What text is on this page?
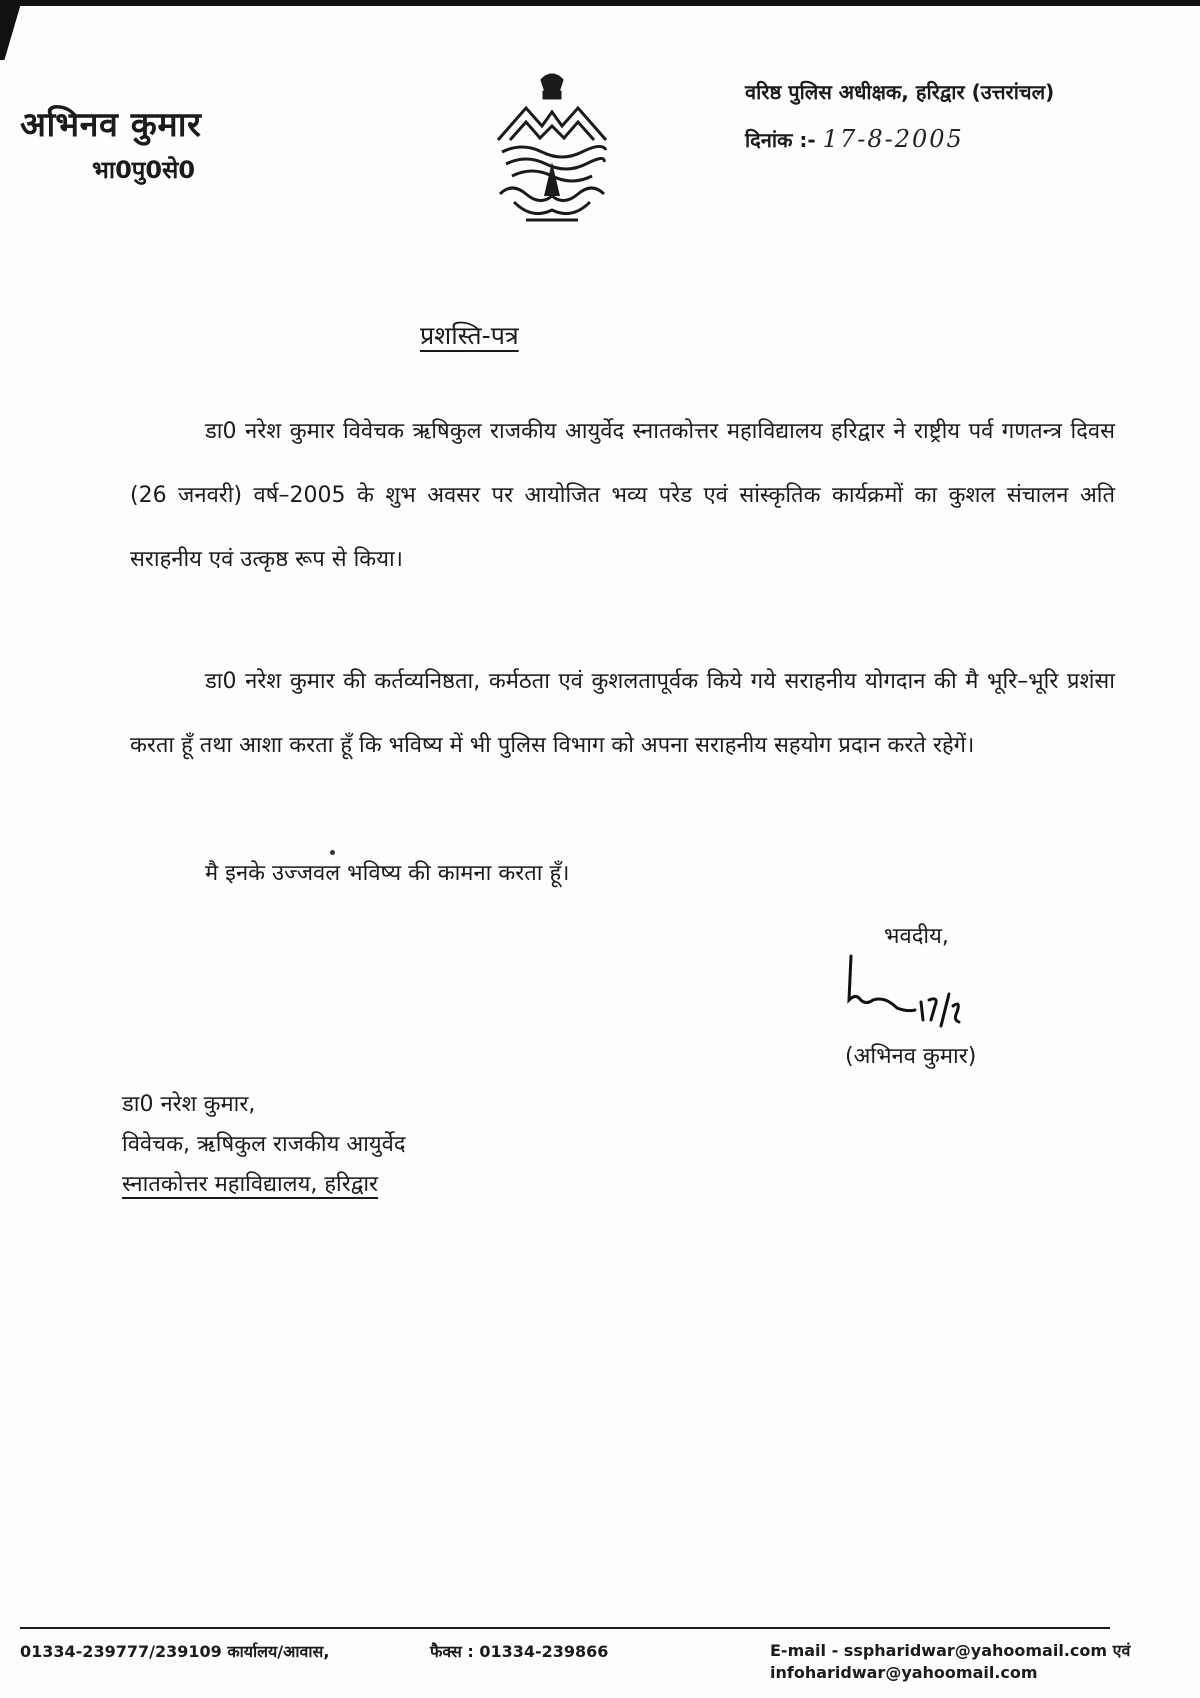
अभिनव कुमार
भा0पु0से0
वरिष्ठ पुलिस अधीक्षक, हरिद्वार (उत्तरांचल)
दिनांक :- 17-8-2005
प्रशस्ति-पत्र
डा0 नरेश कुमार विवेचक ऋषिकुल राजकीय आयुर्वेद स्नातकोत्तर महाविद्यालय हरिद्वार ने राष्ट्रीय पर्व गणतन्त्र दिवस (26 जनवरी) वर्ष–2005 के शुभ अवसर पर आयोजित भव्य परेड एवं सांस्कृतिक कार्यक्रमों का कुशल संचालन अति सराहनीय एवं उत्कृष्ठ रूप से किया।
डा0 नरेश कुमार की कर्तव्यनिष्ठता, कर्मठता एवं कुशलतापूर्वक किये गये सराहनीय योगदान की मै भूरि–भूरि प्रशंसा करता हूँ तथा आशा करता हूँ कि भविष्य में भी पुलिस विभाग को अपना सराहनीय सहयोग प्रदान करते रहेगें।
मै इनके उज्जवल भविष्य की कामना करता हूँ।
भवदीय,
(अभिनव कुमार)
डा0 नरेश कुमार,
विवेचक, ऋषिकुल राजकीय आयुर्वेद
स्नातकोत्तर महाविद्यालय, हरिद्वार
01334-239777/239109 कार्यालय/आवास,	फैक्स : 01334-239866	E-mail - sspharidwar@yahoomail.com एवं
infoharidwar@yahoomail.com
